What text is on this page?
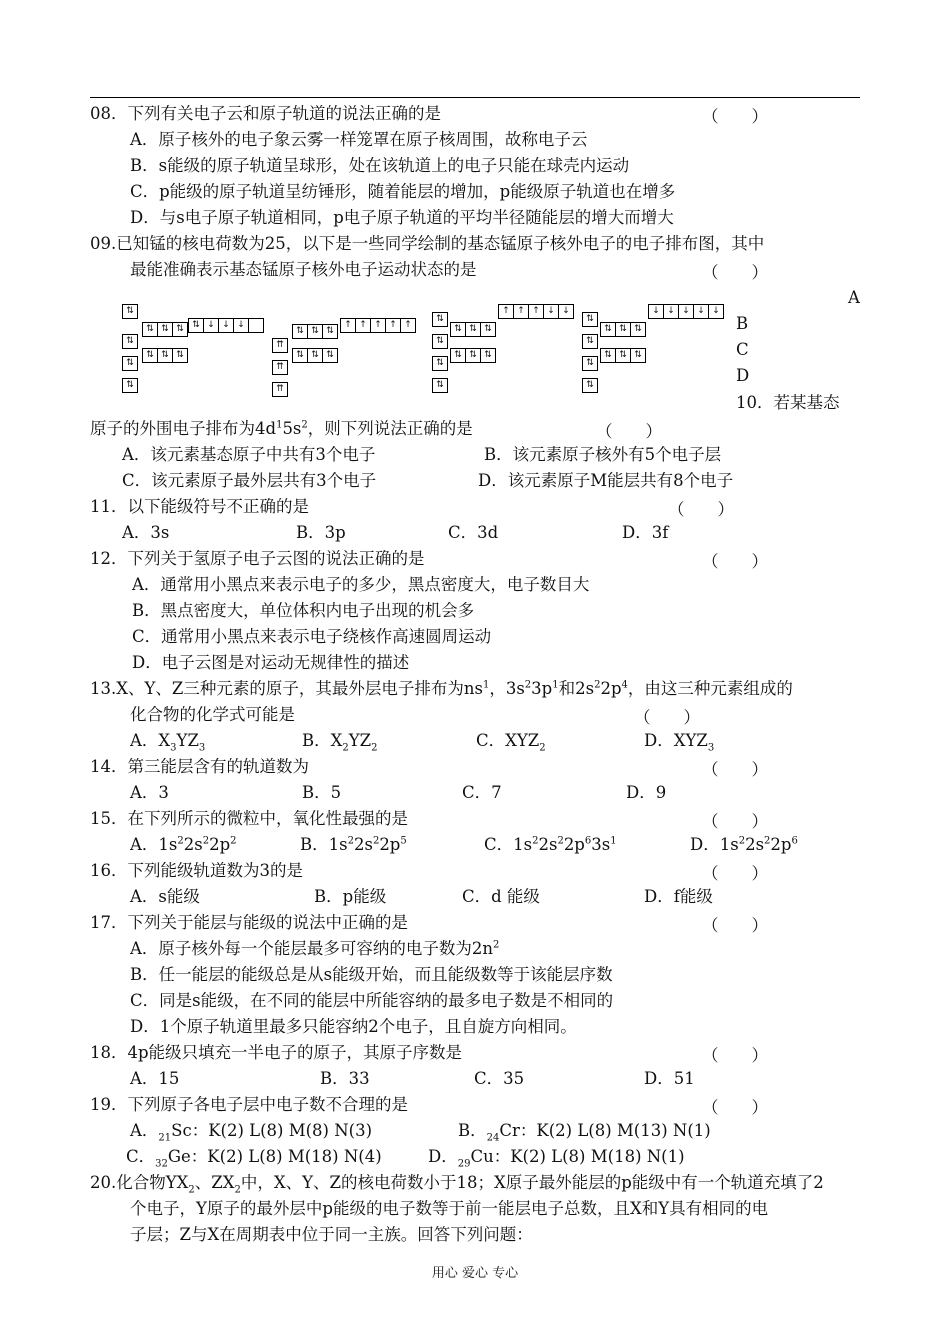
08．下列有关电子云和原子轨道的说法正确的是	（　　）
A．原子核外的电子象云雾一样笼罩在原子核周围，故称电子云
B．s能级的原子轨道呈球形，处在该轨道上的电子只能在球壳内运动
C．p能级的原子轨道呈纺锤形，随着能层的增加，p能级原子轨道也在增多
D．与s电子原子轨道相同，p电子原子轨道的平均半径随能层的增大而增大
09.已知锰的核电荷数为25，以下是一些同学绘制的基态锰原子核外电子的电子排布图，其中
最能准确表示基态锰原子核外电子运动状态的是	（　　）
⇅
⇅ ⇅ ⇅ ⇅ ↓ ↓ ↓
⇅
⇅ ⇅ ⇅
⇅
⇅
⇈
⇅ ⇅ ⇅
↑ ↑ ↑ ↑ ↑
⇈
⇅ ⇅ ⇅
⇈
⇅
⇅ ⇅ ⇅
↑ ↑ ↑ ↓ ↓
⇅
⇅ ⇅ ⇅
⇅
⇅
⇅
⇅ ⇅ ⇅
↓ ↓ ↓ ↓ ↓
⇅
⇅ ⇅ ⇅
⇅
⇅
A
B
C
D
10．若某基态
原子的外围电子排布为$4d^15s^2$，则下列说法正确的是	（　　）
A．该元素基态原子中共有3个电子	B．该元素原子核外有5个电子层
C．该元素原子最外层共有3个电子	D．该元素原子M能层共有8个电子
11．以下能级符号不正确的是	（　　）
A．3s	B．3p	C．3d	D．3f
12．下列关于氢原子电子云图的说法正确的是	（　　）
A．通常用小黑点来表示电子的多少，黑点密度大，电子数目大
B．黑点密度大，单位体积内电子出现的机会多
C．通常用小黑点来表示电子绕核作高速圆周运动
D．电子云图是对运动无规律性的描述
13.X、Y、Z三种元素的原子，其最外层电子排布为$ns^1$，$3s^23p^1$和$2s^22p^4$，由这三种元素组成的
化合物的化学式可能是	（　　）
A．$X_3YZ_3$	B．$X_2YZ_2$	C．$XYZ_2$	D．$XYZ_3$
14．第三能层含有的轨道数为	（　　）
A．3	B．5	C．7	D．9
15．在下列所示的微粒中，氧化性最强的是	（　　）
A．$1s^22s^22p^2$	B．$1s^22s^22p^5$	C．$1s^22s^22p^63s^1$	D．$1s^22s^22p^6$
16．下列能级轨道数为3的是	（　　）
A．s能级	B．p能级	C．d 能级	D．f能级
17．下列关于能层与能级的说法中正确的是	（　　）
A．原子核外每一个能层最多可容纳的电子数为$2n^2$
B．任一能层的能级总是从s能级开始，而且能级数等于该能层序数
C．同是s能级，在不同的能层中所能容纳的最多电子数是不相同的
D．1个原子轨道里最多只能容纳2个电子，且自旋方向相同。
18．4p能级只填充一半电子的原子，其原子序数是	（　　）
A．15	B．33	C．35	D．51
19．下列原子各电子层中电子数不合理的是	（　　）
A．$_{21}$Sc：K(2) L(8) M(8) N(3)	B．$_{24}$Cr：K(2) L(8) M(13) N(1)
C．$_{32}$Ge：K(2) L(8) M(18) N(4)	D．$_{29}$Cu：K(2) L(8) M(18) N(1)
20.化合物$YX_2$、$ZX_2$中，X、Y、Z的核电荷数小于18；X原子最外能层的p能级中有一个轨道充填了2
个电子，Y原子的最外层中p能级的电子数等于前一能层电子总数，且X和Y具有相同的电
子层；Z与X在周期表中位于同一主族。回答下列问题：
用心 爱心 专心
